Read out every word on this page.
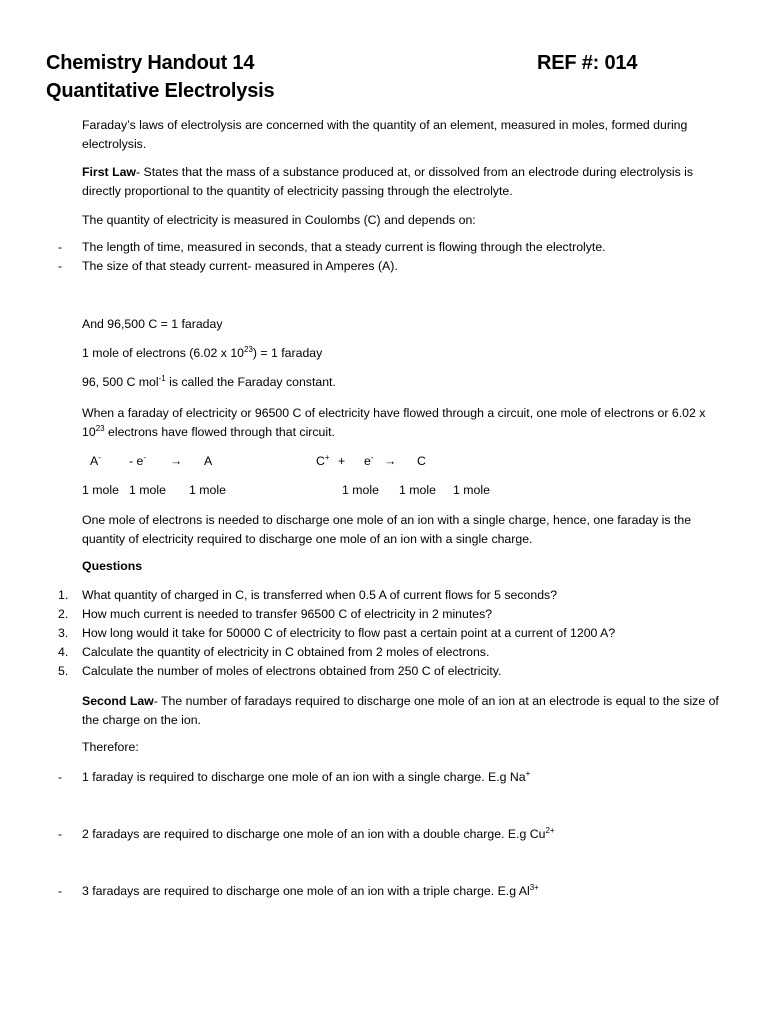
Chemistry Handout 14	REF #: 014
Quantitative Electrolysis
Faraday’s laws of electrolysis are concerned with the quantity of an element, measured in moles, formed during electrolysis.
First Law- States that the mass of a substance produced at, or dissolved from an electrode during electrolysis is directly proportional to the quantity of electricity passing through the electrolyte.
The quantity of electricity is measured in Coulombs (C) and depends on:
- The length of time, measured in seconds, that a steady current is flowing through the electrolyte.
- The size of that steady current- measured in Amperes (A).
And 96,500 C = 1 faraday
1 mole of electrons (6.02 x $10^{23}) = 1$ faraday
96, 500 C mol$^{-1}$ is called the Faraday constant.
When a faraday of electricity or 96500 C of electricity have flowed through a circuit, one mole of electrons or 6.02 x $10^{23}$ electrons have flowed through that circuit.
A- - e- → A	C+ + e- → C
1 mole 1 mole 1 mole	1 mole 1 mole 1 mole
One mole of electrons is needed to discharge one mole of an ion with a single charge, hence, one faraday is the quantity of electricity required to discharge one mole of an ion with a single charge.
Questions
1. What quantity of charged in C, is transferred when 0.5 A of current flows for 5 seconds?
2. How much current is needed to transfer 96500 C of electricity in 2 minutes?
3. How long would it take for 50000 C of electricity to flow past a certain point at a current of 1200 A?
4. Calculate the quantity of electricity in C obtained from 2 moles of electrons.
5. Calculate the number of moles of electrons obtained from 250 C of electricity.
Second Law- The number of faradays required to discharge one mole of an ion at an electrode is equal to the size of the charge on the ion.
Therefore:
- 1 faraday is required to discharge one mole of an ion with a single charge. E.g Na+
- 2 faradays are required to discharge one mole of an ion with a double charge. E.g $Cu^{2+}$
- 3 faradays are required to discharge one mole of an ion with a triple charge. E.g $Al^{3+}$
